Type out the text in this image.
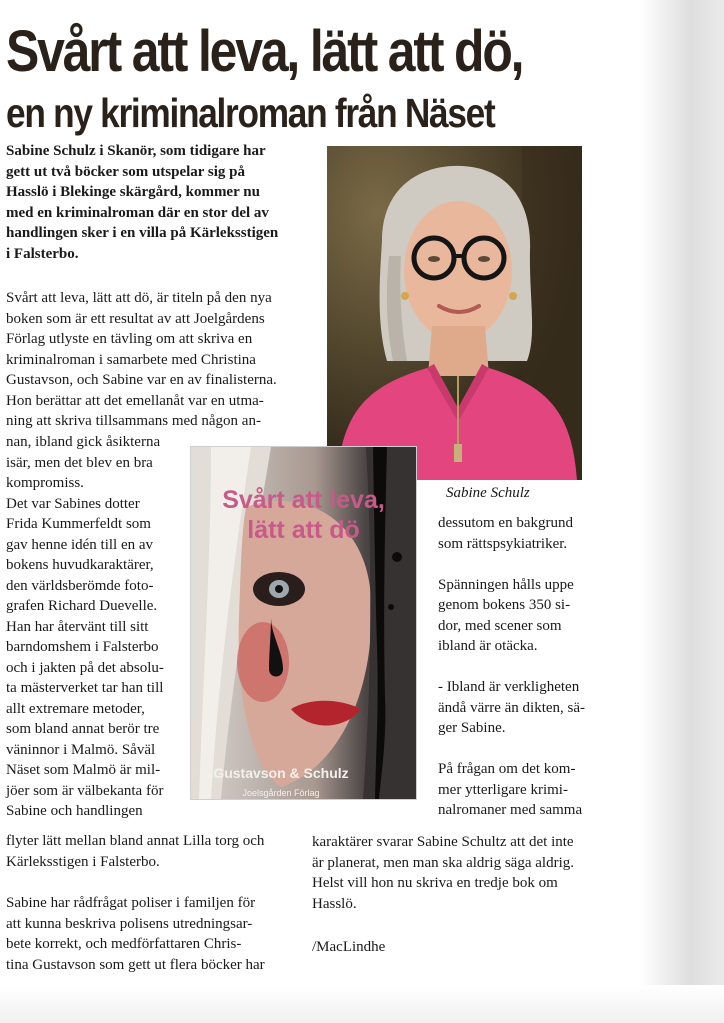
Svårt att leva, lätt att dö,
en ny kriminalroman från Näset

Sabine Schulz i Skanör, som tidigare har

gett ut två böcker som utspelar sig på

Hasslö i Blekinge skärgård, kommer nu

med en kriminalroman där en stor del av

handlingen sker i en villa på Kärleksstigen

i Falsterbo.

Svårt att leva, lätt att dö, är titeln på den nya

boken som är ett resultat av att Joelgårdens

Förlag utlyste en tävling om att skriva en

kriminalroman i samarbete med Christina

Gustavson, och Sabine var en av finalisterna.

Hon berättar att det emellanåt var en utma-

ning att skriva tillsammans med någon an-

nan, ibland gick åsikterna

isär, men det blev en bra

kompromiss.

Det var Sabines dotter

Frida Kummerfeldt som

gav henne idén till en av

bokens huvudkaraktärer,

den världsberömde foto-

grafen Richard Duevelle.

Han har återvänt till sitt

barndomshem i Falsterbo

och i jakten på det absolu-

ta mästerverket tar han till

allt extremare metoder,

som bland annat berör tre

väninnor i Malmö. Såväl

Näset som Malmö är mil-

jöer som är välbekanta för

Sabine och handlingen

flyter lätt mellan bland annat Lilla torg och

Kärleksstigen i Falsterbo.

Sabine har rådfrågat poliser i familjen för

att kunna beskriva polisens utredningsar-

bete korrekt, och medförfattaren Chris-

tina Gustavson som gett ut flera böcker har

dessutom en bakgrund

som rättspsykiatriker.

Spänningen hålls uppe

genom bokens 350 si-

dor, med scener som

ibland är otäcka.

- Ibland är verkligheten

ändå värre än dikten, sä-

ger Sabine.

På frågan om det kom-

mer ytterligare krimi-

nalromaner med samma

karaktärer svarar Sabine Schultz att det inte

är planerat, men man ska aldrig säga aldrig.

Helst vill hon nu skriva en tredje bok om

Hasslö.

/MacLindhe
Sabine Schulz
Svårt att leva,
lätt att dö
Gustavson & Schulz
Joelsgården Förlag
